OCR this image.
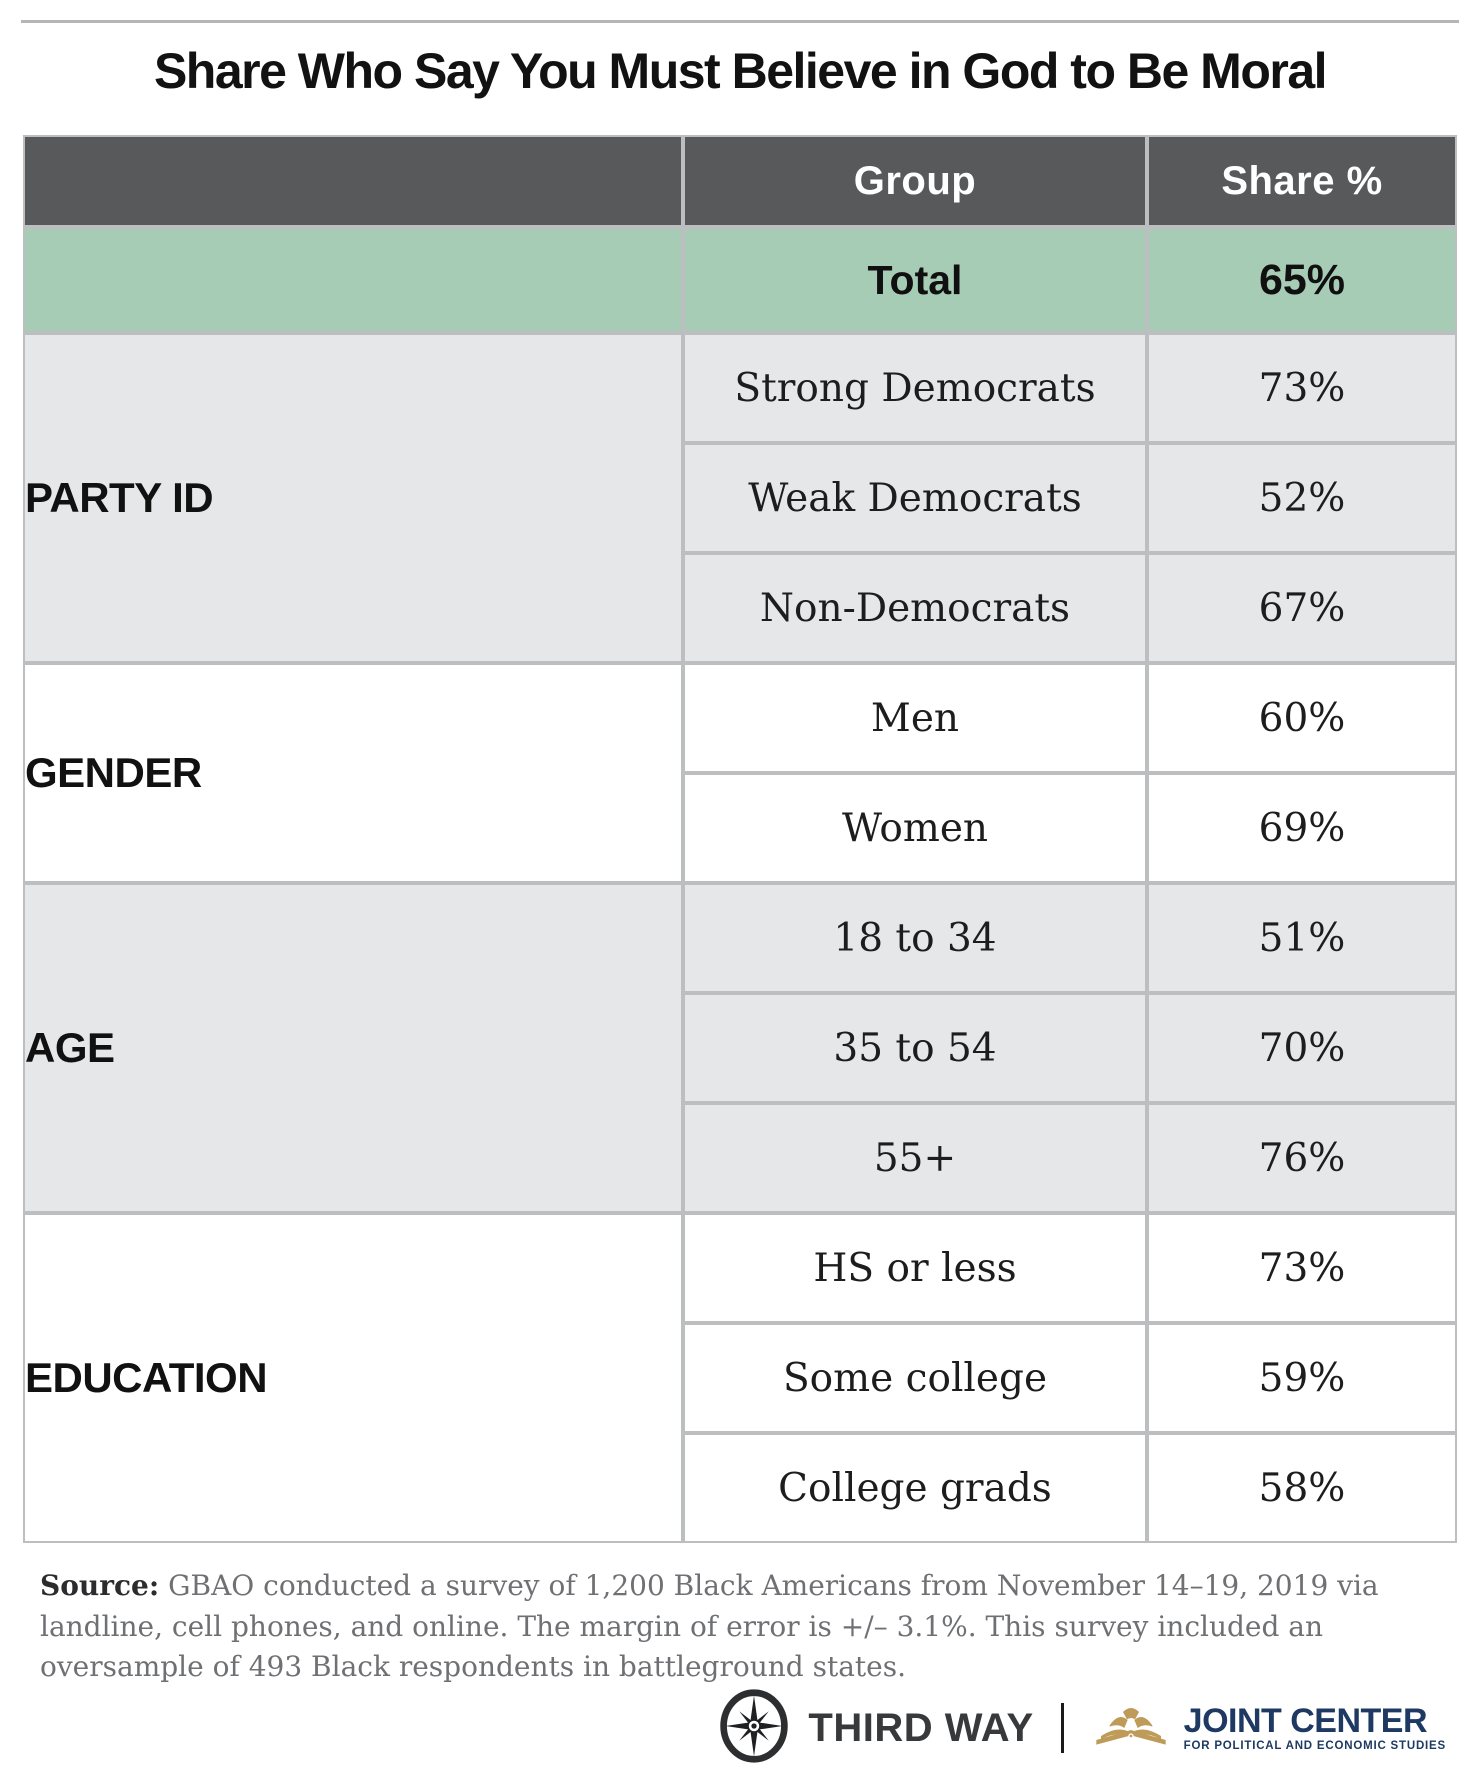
Share Who Say You Must Believe in God to Be Moral
	Group	Share %
	Total	65%
PARTY ID	Strong Democrats	73%
	Weak Democrats	52%
	Non-Democrats	67%
GENDER	Men	60%
	Women	69%
AGE	18 to 34	51%
	35 to 54	70%
	55+	76%
EDUCATION	HS or less	73%
	Some college	59%
	College grads	58%

Source: GBAO conducted a survey of 1,200 Black Americans from November 14–19, 2019 via landline, cell phones, and online. The margin of error is +/– 3.1%. This survey included an oversample of 493 Black respondents in battleground states.

THIRD WAY	JOINT CENTER
FOR POLITICAL AND ECONOMIC STUDIES
